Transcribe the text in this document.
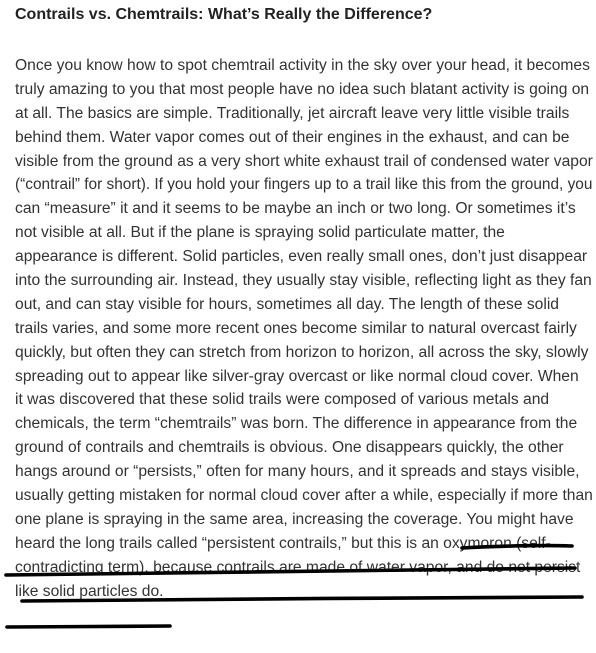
Contrails vs. Chemtrails: What’s Really the Difference?
Once you know how to spot chemtrail activity in the sky over your head, it becomes
truly amazing to you that most people have no idea such blatant activity is going on
at all. The basics are simple. Traditionally, jet aircraft leave very little visible trails
behind them. Water vapor comes out of their engines in the exhaust, and can be
visible from the ground as a very short white exhaust trail of condensed water vapor
(“contrail” for short). If you hold your fingers up to a trail like this from the ground, you
can “measure” it and it seems to be maybe an inch or two long. Or sometimes it’s
not visible at all. But if the plane is spraying solid particulate matter, the
appearance is different. Solid particles, even really small ones, don’t just disappear
into the surrounding air. Instead, they usually stay visible, reflecting light as they fan
out, and can stay visible for hours, sometimes all day. The length of these solid
trails varies, and some more recent ones become similar to natural overcast fairly
quickly, but often they can stretch from horizon to horizon, all across the sky, slowly
spreading out to appear like silver-gray overcast or like normal cloud cover. When
it was discovered that these solid trails were composed of various metals and
chemicals, the term “chemtrails” was born. The difference in appearance from the
ground of contrails and chemtrails is obvious. One disappears quickly, the other
hangs around or “persists,” often for many hours, and it spreads and stays visible,
usually getting mistaken for normal cloud cover after a while, especially if more than
one plane is spraying in the same area, increasing the coverage. You might have
heard the long trails called “persistent contrails,” but this is an oxymoron (self-
contradicting term), because contrails are made of water vapor, and do not persist
like solid particles do.
